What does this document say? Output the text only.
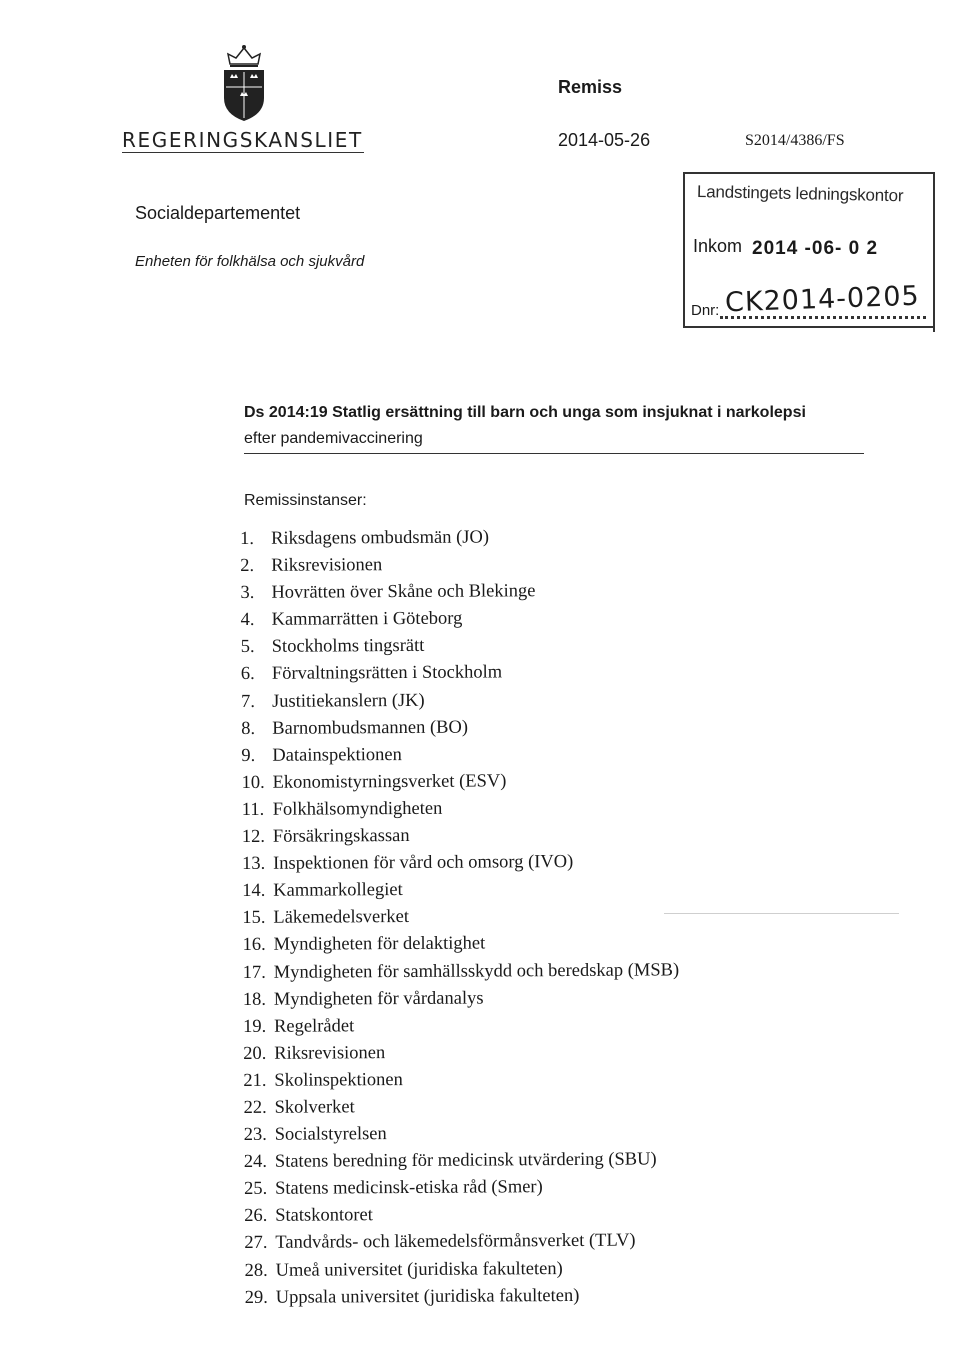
REGERINGSKANSLIET
Remiss
2014-05-26	S2014/4386/FS
Socialdepartementet
Enheten för folkhälsa och sjukvård
Landstingets ledningskontor
Inkom 2014 -06- 0 2
Dnr: CK2014-0205
Ds 2014:19 Statlig ersättning till barn och unga som insjuknat i narkolepsi
efter pandemivaccinering
Remissinstanser:
1. Riksdagens ombudsmän (JO)
2. Riksrevisionen
3. Hovrätten över Skåne och Blekinge
4. Kammarrätten i Göteborg
5. Stockholms tingsrätt
6. Förvaltningsrätten i Stockholm
7. Justitiekanslern (JK)
8. Barnombudsmannen (BO)
9. Datainspektionen
10. Ekonomistyrningsverket (ESV)
11. Folkhälsomyndigheten
12. Försäkringskassan
13. Inspektionen för vård och omsorg (IVO)
14. Kammarkollegiet
15. Läkemedelsverket
16. Myndigheten för delaktighet
17. Myndigheten för samhällsskydd och beredskap (MSB)
18. Myndigheten för vårdanalys
19. Regelrådet
20. Riksrevisionen
21. Skolinspektionen
22. Skolverket
23. Socialstyrelsen
24. Statens beredning för medicinsk utvärdering (SBU)
25. Statens medicinsk-etiska råd (Smer)
26. Statskontoret
27. Tandvårds- och läkemedelsförmånsverket (TLV)
28. Umeå universitet (juridiska fakulteten)
29. Uppsala universitet (juridiska fakulteten)
